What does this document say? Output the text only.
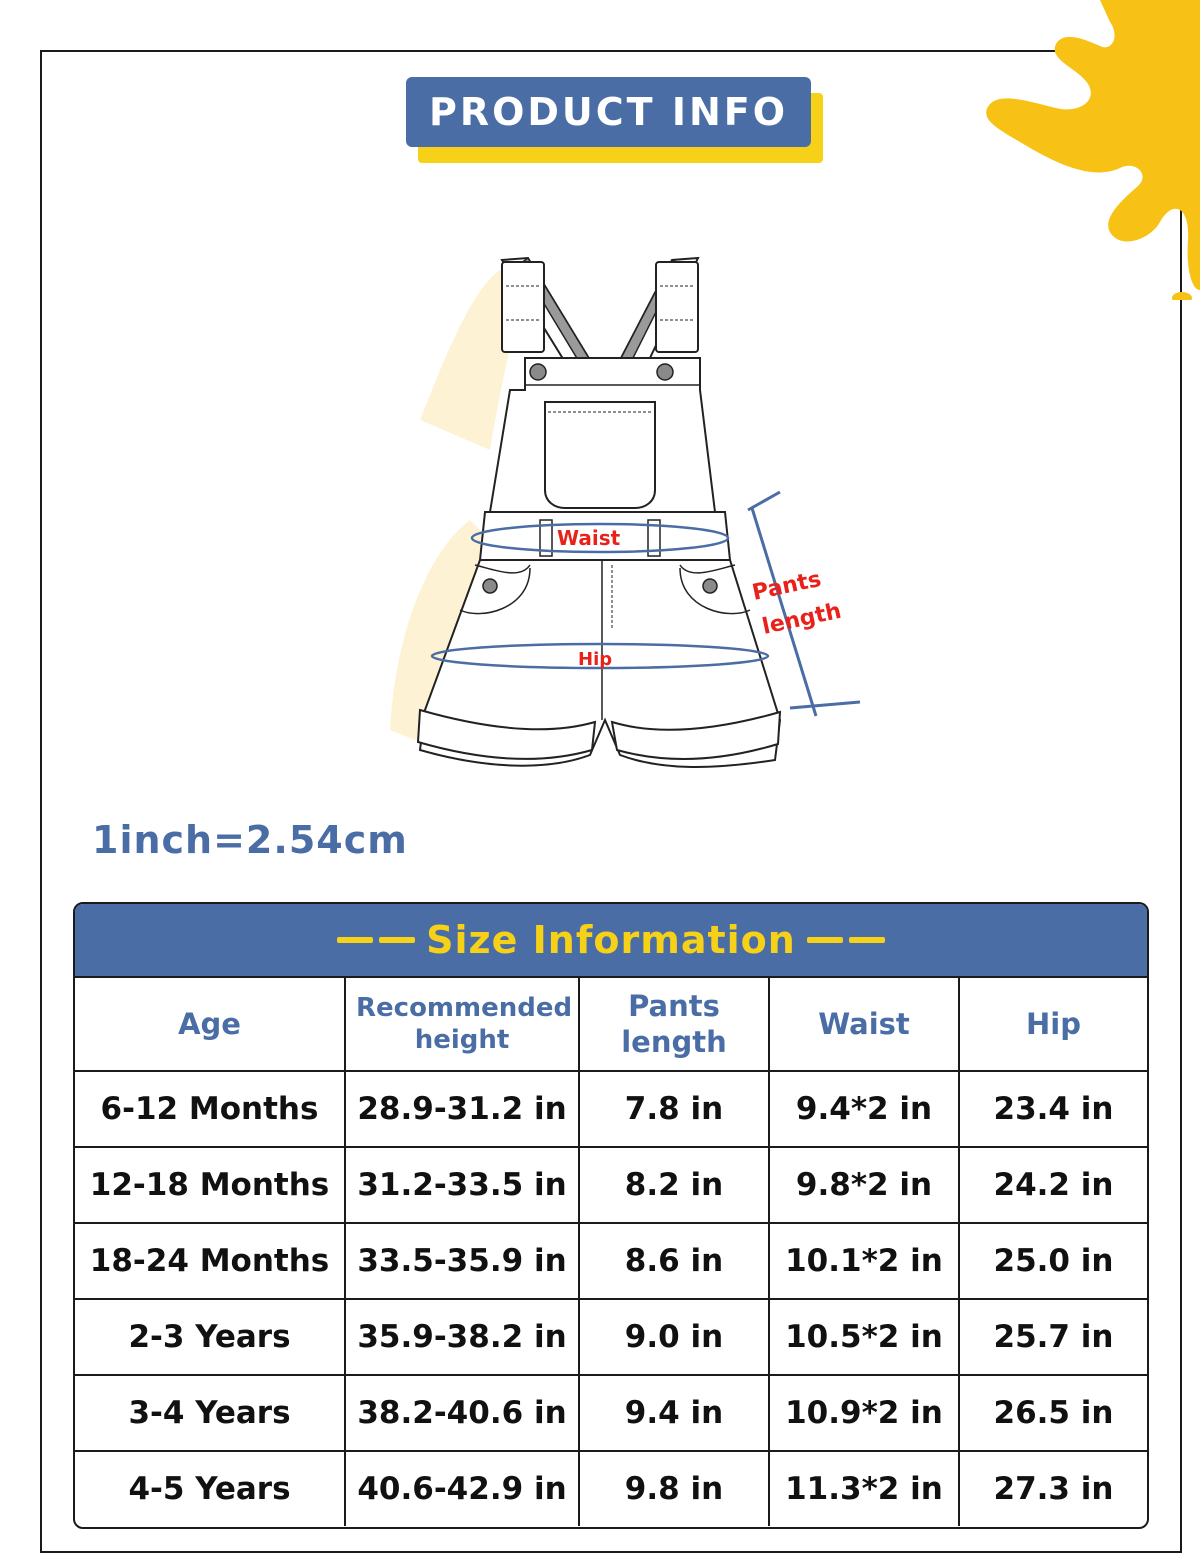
PRODUCT INFO
Waist
Hip
Pants
length
1inch=2.54cm
Size Information
Age	Recommended height	Pants length	Waist	Hip
6-12 Months	28.9-31.2 in	7.8 in	9.4*2 in	23.4 in
12-18 Months	31.2-33.5 in	8.2 in	9.8*2 in	24.2 in
18-24 Months	33.5-35.9 in	8.6 in	10.1*2 in	25.0 in
2-3 Years	35.9-38.2 in	9.0 in	10.5*2 in	25.7 in
3-4 Years	38.2-40.6 in	9.4 in	10.9*2 in	26.5 in
4-5 Years	40.6-42.9 in	9.8 in	11.3*2 in	27.3 in
